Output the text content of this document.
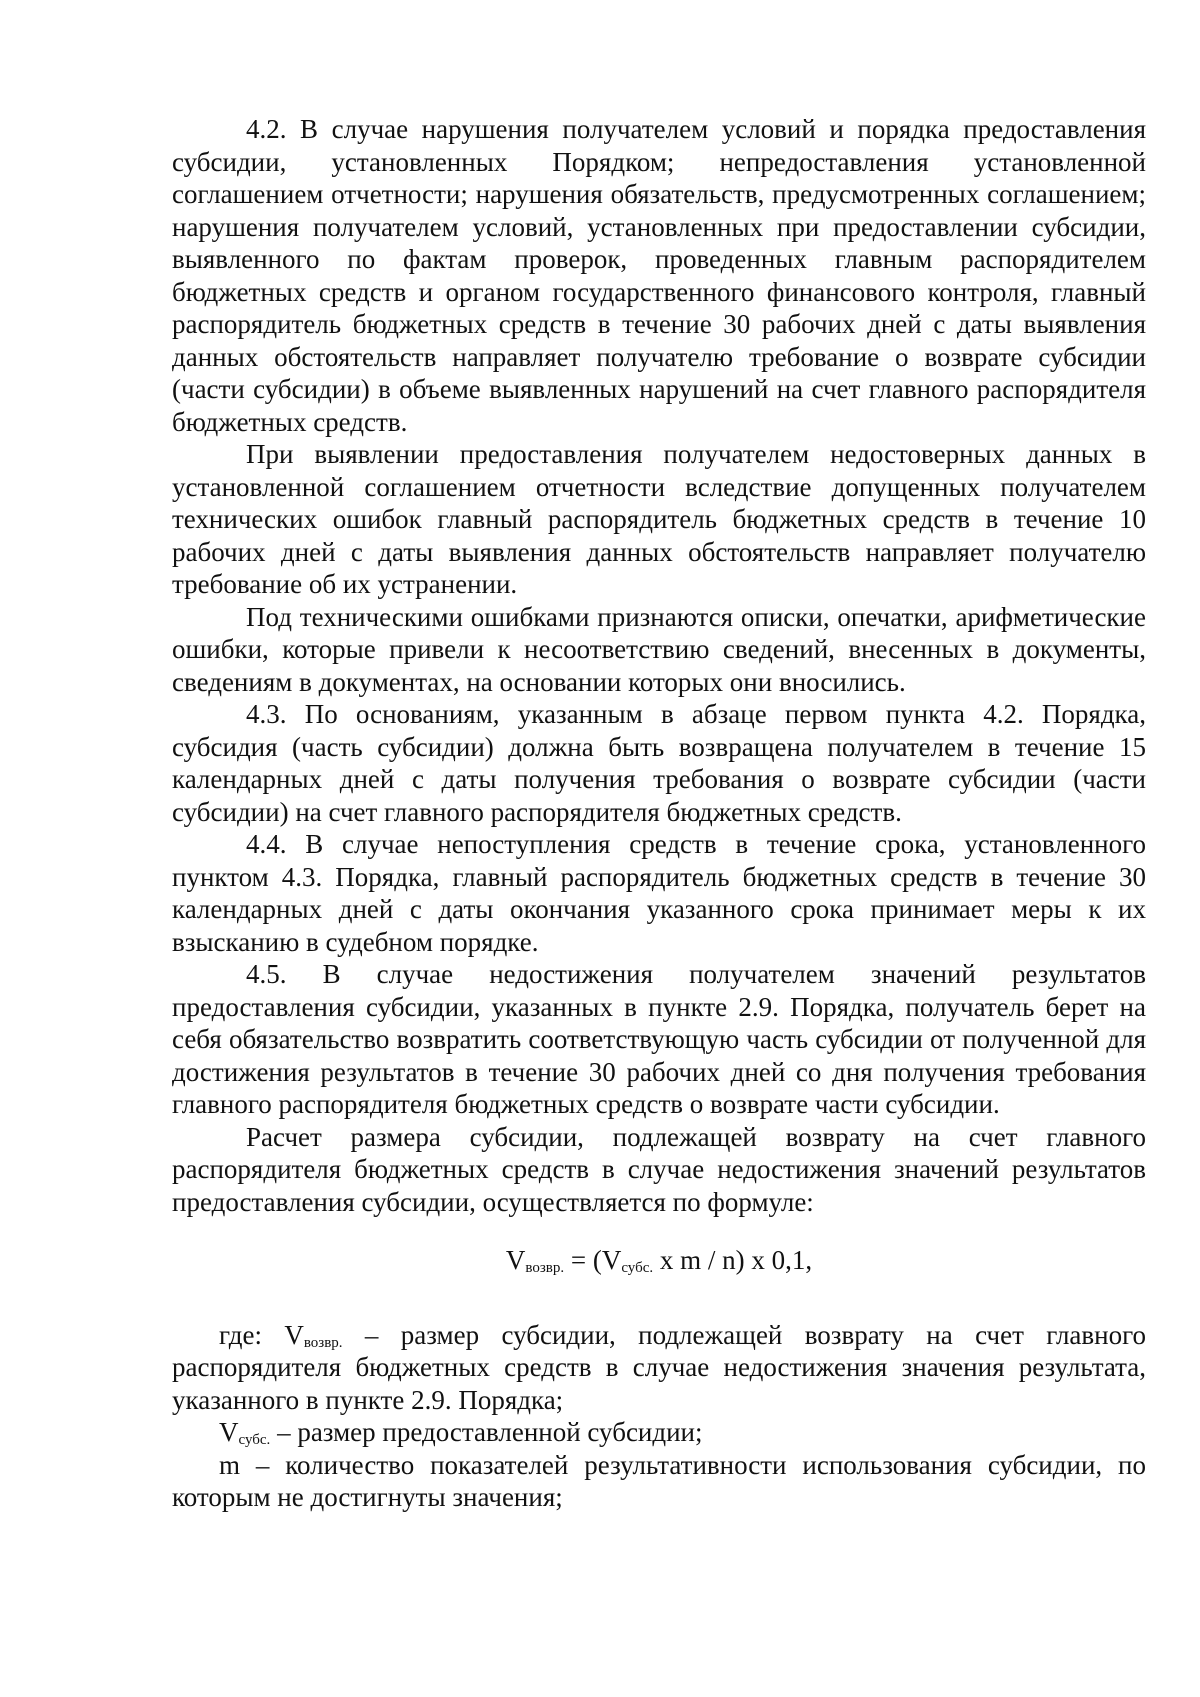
4.2. В случае нарушения получателем условий и порядка предоставления субсидии, установленных Порядком; непредоставления установленной соглашением отчетности; нарушения обязательств, предусмотренных соглашением; нарушения получателем условий, установленных при предоставлении субсидии, выявленного по фактам проверок, проведенных главным распорядителем бюджетных средств и органом государственного финансового контроля, главный распорядитель бюджетных средств в течение 30 рабочих дней с даты выявления данных обстоятельств направляет получателю требование о возврате субсидии (части субсидии) в объеме выявленных нарушений на счет главного распорядителя бюджетных средств.

При выявлении предоставления получателем недостоверных данных в установленной соглашением отчетности вследствие допущенных получателем технических ошибок главный распорядитель бюджетных средств в течение 10 рабочих дней с даты выявления данных обстоятельств направляет получателю требование об их устранении.

Под техническими ошибками признаются описки, опечатки, арифметические ошибки, которые привели к несоответствию сведений, внесенных в документы, сведениям в документах, на основании которых они вносились.

4.3. По основаниям, указанным в абзаце первом пункта 4.2. Порядка, субсидия (часть субсидии) должна быть возвращена получателем в течение 15 календарных дней с даты получения требования о возврате субсидии (части субсидии) на счет главного распорядителя бюджетных средств.

4.4. В случае непоступления средств в течение срока, установленного пунктом 4.3. Порядка, главный распорядитель бюджетных средств в течение 30 календарных дней с даты окончания указанного срока принимает меры к их взысканию в судебном порядке.

4.5. В случае недостижения получателем значений результатов предоставления субсидии, указанных в пункте 2.9. Порядка, получатель берет на себя обязательство возвратить соответствующую часть субсидии от полученной для достижения результатов в течение 30 рабочих дней со дня получения требования главного распорядителя бюджетных средств о возврате части субсидии.

Расчет размера субсидии, подлежащей возврату на счет главного распорядителя бюджетных средств в случае недостижения значений результатов предоставления субсидии, осуществляется по формуле:

$V_{возвр.} = (V_{субс.}$ x m / n) x 0,1,

где: $V_{возвр.}$ – размер субсидии, подлежащей возврату на счет главного распорядителя бюджетных средств в случае недостижения значения результата, указанного в пункте 2.9. Порядка;

$V_{субс.}$ – размер предоставленной субсидии;

m – количество показателей результативности использования субсидии, по которым не достигнуты значения;
